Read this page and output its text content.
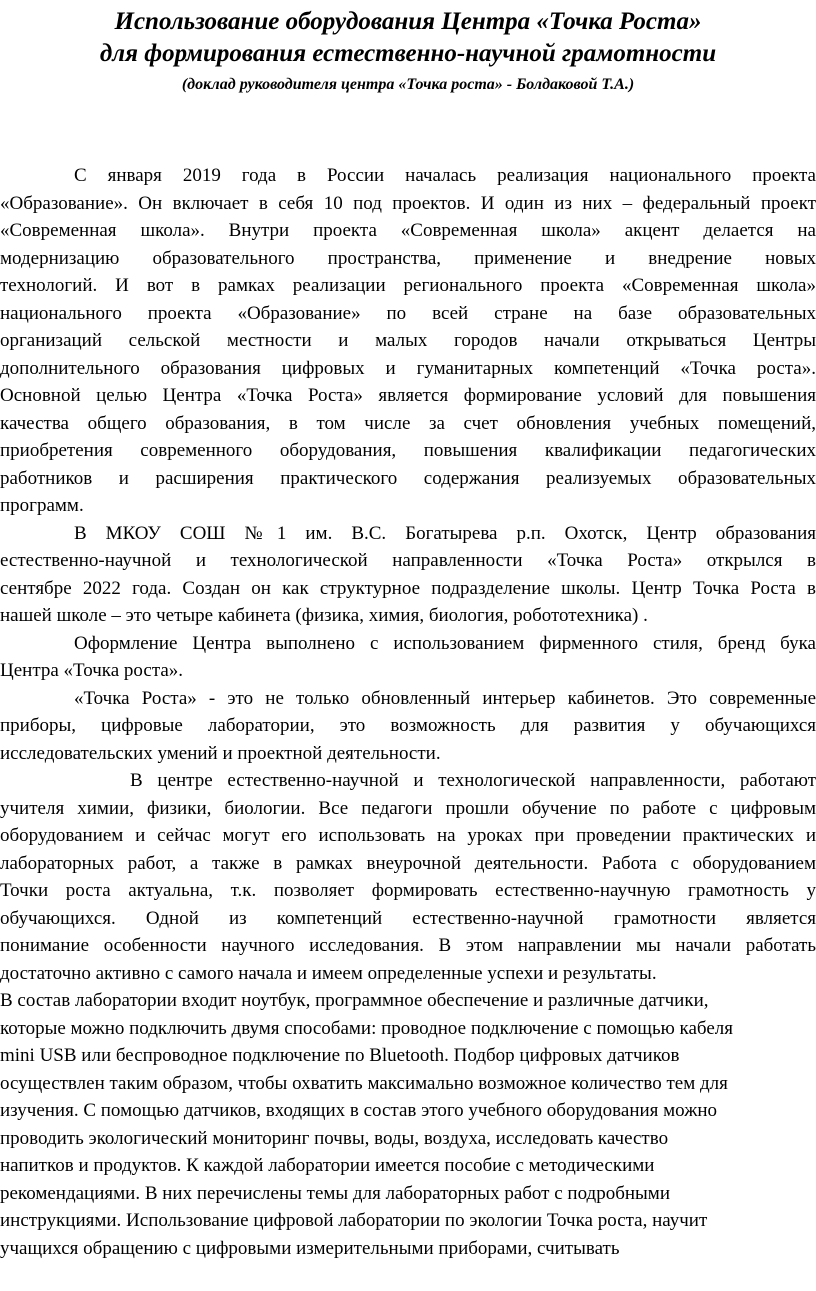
Использование оборудования Центра «Точка Роста»
для формирования естественно-научной грамотности
(доклад руководителя центра «Точка роста» - Болдаковой Т.А.)

С января 2019 года в России началась реализация национального проекта

«Образование». Он включает в себя 10 под проектов. И один из них – федеральный проект

«Современная школа». Внутри проекта «Современная школа» акцент делается на

модернизацию образовательного пространства, применение и внедрение новых

технологий. И вот в рамках реализации регионального проекта «Современная школа»

национального проекта «Образование» по всей стране на базе образовательных

организаций сельской местности и малых городов начали открываться Центры

дополнительного образования цифровых и гуманитарных компетенций «Точка роста».

Основной целью Центра «Точка Роста» является формирование условий для повышения

качества общего образования, в том числе за счет обновления учебных помещений,

приобретения современного оборудования, повышения квалификации педагогических

работников и расширения практического содержания реализуемых образовательных

программ.

В МКОУ СОШ №1 им. В.С. Богатырева р.п. Охотск, Центр образования

естественно-научной и технологической направленности «Точка Роста» открылся в

сентябре 2022 года. Создан он как структурное подразделение школы. Центр Точка Роста в

нашей школе – это четыре кабинета (физика, химия, биология, робототехника) .

Оформление Центра выполнено с использованием фирменного стиля, бренд бука

Центра «Точка роста».

«Точка Роста» - это не только обновленный интерьер кабинетов. Это современные

приборы, цифровые лаборатории, это возможность для развития у обучающихся

исследовательских умений и проектной деятельности.

В центре естественно-научной и технологической направленности, работают

учителя химии, физики, биологии. Все педагоги прошли обучение по работе с цифровым

оборудованием и сейчас могут его использовать на уроках при проведении практических и

лабораторных работ, а также в рамках внеурочной деятельности. Работа с оборудованием

Точки роста актуальна, т.к. позволяет формировать естественно-научную грамотность у

обучающихся. Одной из компетенций естественно-научной грамотности является

понимание особенности научного исследования. В этом направлении мы начали работать

достаточно активно с самого начала и имеем определенные успехи и результаты.

В состав лаборатории входит ноутбук, программное обеспечение и различные датчики,

которые можно подключить двумя способами: проводное подключение с помощью кабеля

mini USB или беспроводное подключение по Bluetooth. Подбор цифровых датчиков

осуществлен таким образом, чтобы охватить максимально возможное количество тем для

изучения. С помощью датчиков, входящих в состав этого учебного оборудования можно

проводить экологический мониторинг почвы, воды, воздуха, исследовать качество

напитков и продуктов. К каждой лаборатории имеется пособие с методическими

рекомендациями. В них перечислены темы для лабораторных работ с подробными

инструкциями. Использование цифровой лаборатории по экологии Точка роста, научит

учащихся обращению с цифровыми измерительными приборами, считывать
